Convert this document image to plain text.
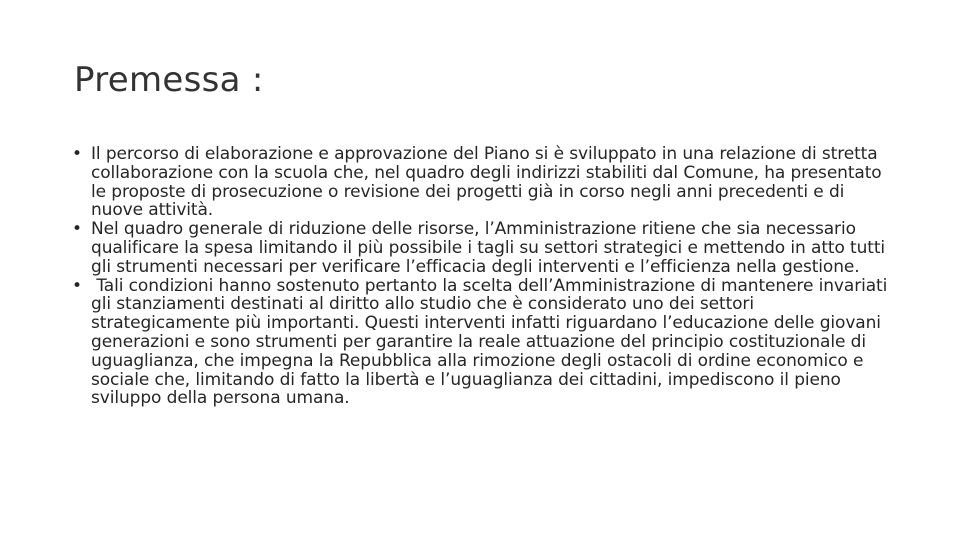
Premessa :
• Il percorso di elaborazione e approvazione del Piano si è sviluppato in una relazione di stretta collaborazione con la scuola che, nel quadro degli indirizzi stabiliti dal Comune, ha presentato le proposte di prosecuzione o revisione dei progetti già in corso negli anni precedenti e di nuove attività.
• Nel quadro generale di riduzione delle risorse, l’Amministrazione ritiene che sia necessario qualificare la spesa limitando il più possibile i tagli su settori strategici e mettendo in atto tutti gli strumenti necessari per verificare l’efficacia degli interventi e l’efficienza nella gestione.
• Tali condizioni hanno sostenuto pertanto la scelta dell’Amministrazione di mantenere invariati gli stanziamenti destinati al diritto allo studio che è considerato uno dei settori strategicamente più importanti. Questi interventi infatti riguardano l’educazione delle giovani generazioni e sono strumenti per garantire la reale attuazione del principio costituzionale di uguaglianza, che impegna la Repubblica alla rimozione degli ostacoli di ordine economico e sociale che, limitando di fatto la libertà e l’uguaglianza dei cittadini, impediscono il pieno sviluppo della persona umana.
